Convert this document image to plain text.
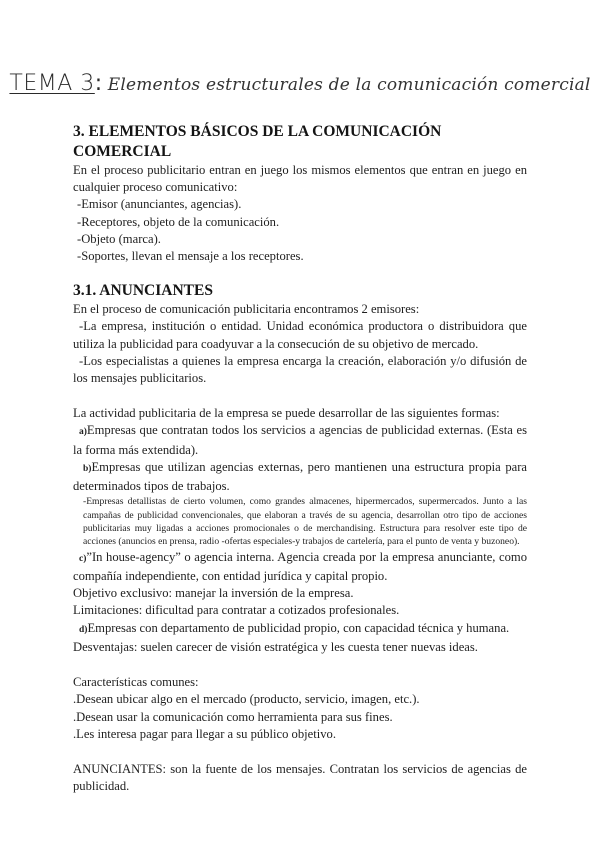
TEMA 3: Elementos estructurales de la comunicación comercial
3. ELEMENTOS BÁSICOS DE LA COMUNICACIÓN COMERCIAL

En el proceso publicitario entran en juego los mismos elementos que entran en juego en cualquier proceso comunicativo:

-Emisor (anunciantes, agencias).

-Receptores, objeto de la comunicación.

-Objeto (marca).

-Soportes, llevan el mensaje a los receptores.

3.1. ANUNCIANTES

En el proceso de comunicación publicitaria encontramos 2 emisores:

-La empresa, institución o entidad. Unidad económica productora o distribuidora que utiliza la publicidad para coadyuvar a la consecución de su objetivo de mercado.

-Los especialistas a quienes la empresa encarga la creación, elaboración y/o difusión de los mensajes publicitarios.

La actividad publicitaria de la empresa se puede desarrollar de las siguientes formas:

a)Empresas que contratan todos los servicios a agencias de publicidad externas. (Esta es la forma más extendida).

b)Empresas que utilizan agencias externas, pero mantienen una estructura propia para determinados tipos de trabajos.

-Empresas detallistas de cierto volumen, como grandes almacenes, hipermercados, supermercados. Junto a las campañas de publicidad convencionales, que elaboran a través de su agencia, desarrollan otro tipo de acciones publicitarias muy ligadas a acciones promocionales o de merchandising. Estructura para resolver este tipo de acciones (anuncios en prensa, radio -ofertas especiales-y trabajos de cartelería, para el punto de venta y buzoneo).

c)”In house-agency” o agencia interna. Agencia creada por la empresa anunciante, como compañía independiente, con entidad jurídica y capital propio.

Objetivo exclusivo: manejar la inversión de la empresa.

Limitaciones: dificultad para contratar a cotizados profesionales.

d)Empresas con departamento de publicidad propio, con capacidad técnica y humana.

Desventajas: suelen carecer de visión estratégica y les cuesta tener nuevas ideas.

Características comunes:

.Desean ubicar algo en el mercado (producto, servicio, imagen, etc.).

.Desean usar la comunicación como herramienta para sus fines.

.Les interesa pagar para llegar a su público objetivo.

ANUNCIANTES: son la fuente de los mensajes. Contratan los servicios de agencias de publicidad.
